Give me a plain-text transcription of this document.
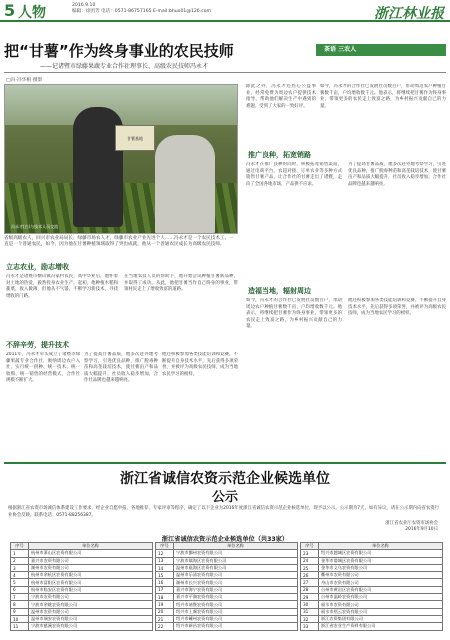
5 人物	2016.9.10
编辑：徐团芳 电话：0571-86757165 E-mail:bhuo01@126.com	浙江林业报
把“甘薯”作为终身事业的农民技师	茶语 三农人
——记诸暨市绿藤果蔬专业合作社理事长、高级农民技师冯永才
□冯·冯华根 摄影
甘薯基地
冯永才(右)与技术人员交流
省级高级农人，回兴市农业局局长、绿藤市场农人才，绿藤市农业产业先进个人……冯永才是一个农民技术工，一直是一个普通农民，如今，因为他在甘薯种植领域取得了突出成就，他从一个普通农民成长为高级农民技师。
立志农业，励志增收
冯永才是诸暨市横山镇冯家村农民，高中毕业后，他怀着对土地的热爱，毅然投身农业生产。起初，他种植水稻和蔬菜，收入微薄，但他从不气馁，不断学习新技术，寻找增收的门路。
在当地农技人员的帮助下，他开始尝试种植甘薯新品种，并取得了成功。从此，他把甘薯当作自己终身的事业，带领村民走上了增收致富的道路。
不辞辛劳，提升技术
2011年，冯永才牵头成立了诸暨市绿藤果蔬专业合作社，吸纳周边农户入社，实行统一供种、统一技术、统一收购、统一销售的经营模式，合作社规模不断扩大。
为了提高甘薯品质，他多次赴外地考察学习，引进优良品种，推广脱毒种苗和高垄栽培技术，使甘薯亩产和品质大幅提升，社员收入稳步增加，合作社品牌也越来越响亮。
他还积极参加各类技能培训和竞赛，不断提升自身技术水平，先后获得多项荣誉，并被评为高级农民技师，成为当地农民学习的榜样。
除此之外，冯永才还热心公益事业，经常免费为周边农户提供技术指导，帮助他们解决生产中遇到的难题，受到了大家的一致好评。
如今，冯永才的合作社已发展社员数百户，带动周边农户种植甘薯数千亩，户均增收数千元。他表示，将继续把甘薯作为终身事业，带领更多的农民走上致富之路，为乡村振兴贡献自己的力量。
推广良种，拓宽销路
冯永才在推广良种的同时，积极拓宽销售渠道，通过电商平台、农超对接、订单农业等多种方式销售甘薯产品，让合作社的甘薯走出了诸暨，走向了全国各地市场，产品供不应求。
为了提高甘薯品质，他多次赴外地考察学习，引进优良品种，推广脱毒种苗和高垄栽培技术，使甘薯亩产和品质大幅提升，社员收入稳步增加，合作社品牌也越来越响亮。
造福当地，辐射周边
如今，冯永才的合作社已发展社员数百户，带动周边农户种植甘薯数千亩，户均增收数千元。他表示，将继续把甘薯作为终身事业，带领更多的农民走上致富之路，为乡村振兴贡献自己的力量。
他还积极参加各类技能培训和竞赛，不断提升自身技术水平，先后获得多项荣誉，并被评为高级农民技师，成为当地农民学习的榜样。
浙江省诚信农资示范企业候选单位
公示
根据浙江省农资市场诚信体系建设工作要求，经企业自愿申报、各地推荐、专家评审等程序，确定了以下企业为2016年度浙江省诚信农资示范企业候选单位，现予以公示。公示期为7天，如有异议，请在公示期内向省农资行业协会反映。联系电话：0571-88256387。
浙江省农业厅农资市场协会
2016年9月10日
浙江省诚信农资示范企业候选单位（共33家）
序号	单位名称
1	杭州市萧山区农资有限公司
2	嘉兴市农资有限公司
3	湖州市农资有限公司
4	杭州市余杭区农资有限公司
5	杭州市富阳区农资有限公司
6	杭州市临安区农资有限公司
7	宁波市农资有限公司
8	宁波市余姚农资有限公司
9	温州市农资有限公司
10	温州市瑞安农资有限公司
11	宁波市慈溪农资有限公司
序号	单位名称
12	宁波市鄞州农资有限公司
13	宁波市镇海区农资有限公司
14	温州市瓯海区农资有限公司
15	温州市乐清农资有限公司
16	湖州市长兴农资有限公司
17	嘉兴市海宁农资有限公司
18	嘉兴市平湖农资有限公司
19	绍兴市诸暨农资有限公司
20	绍兴市上虞农资有限公司
21	绍兴市嵊州农资有限公司
22	绍兴市新昌农资有限公司
序号	单位名称
23	绍兴市越城区农资有限公司
24	金华市婺城区农资有限公司
25	金华市义乌农资有限公司
26	衢州市农资有限公司
27	舟山市农资有限公司
28	台州市黄岩区农资有限公司
29	台州市温岭农资有限公司
30	丽水市农资有限公司
31	丽水市缙云农资有限公司
32	浙江农资集团有限公司
33	浙江省农业生产资料有限公司
